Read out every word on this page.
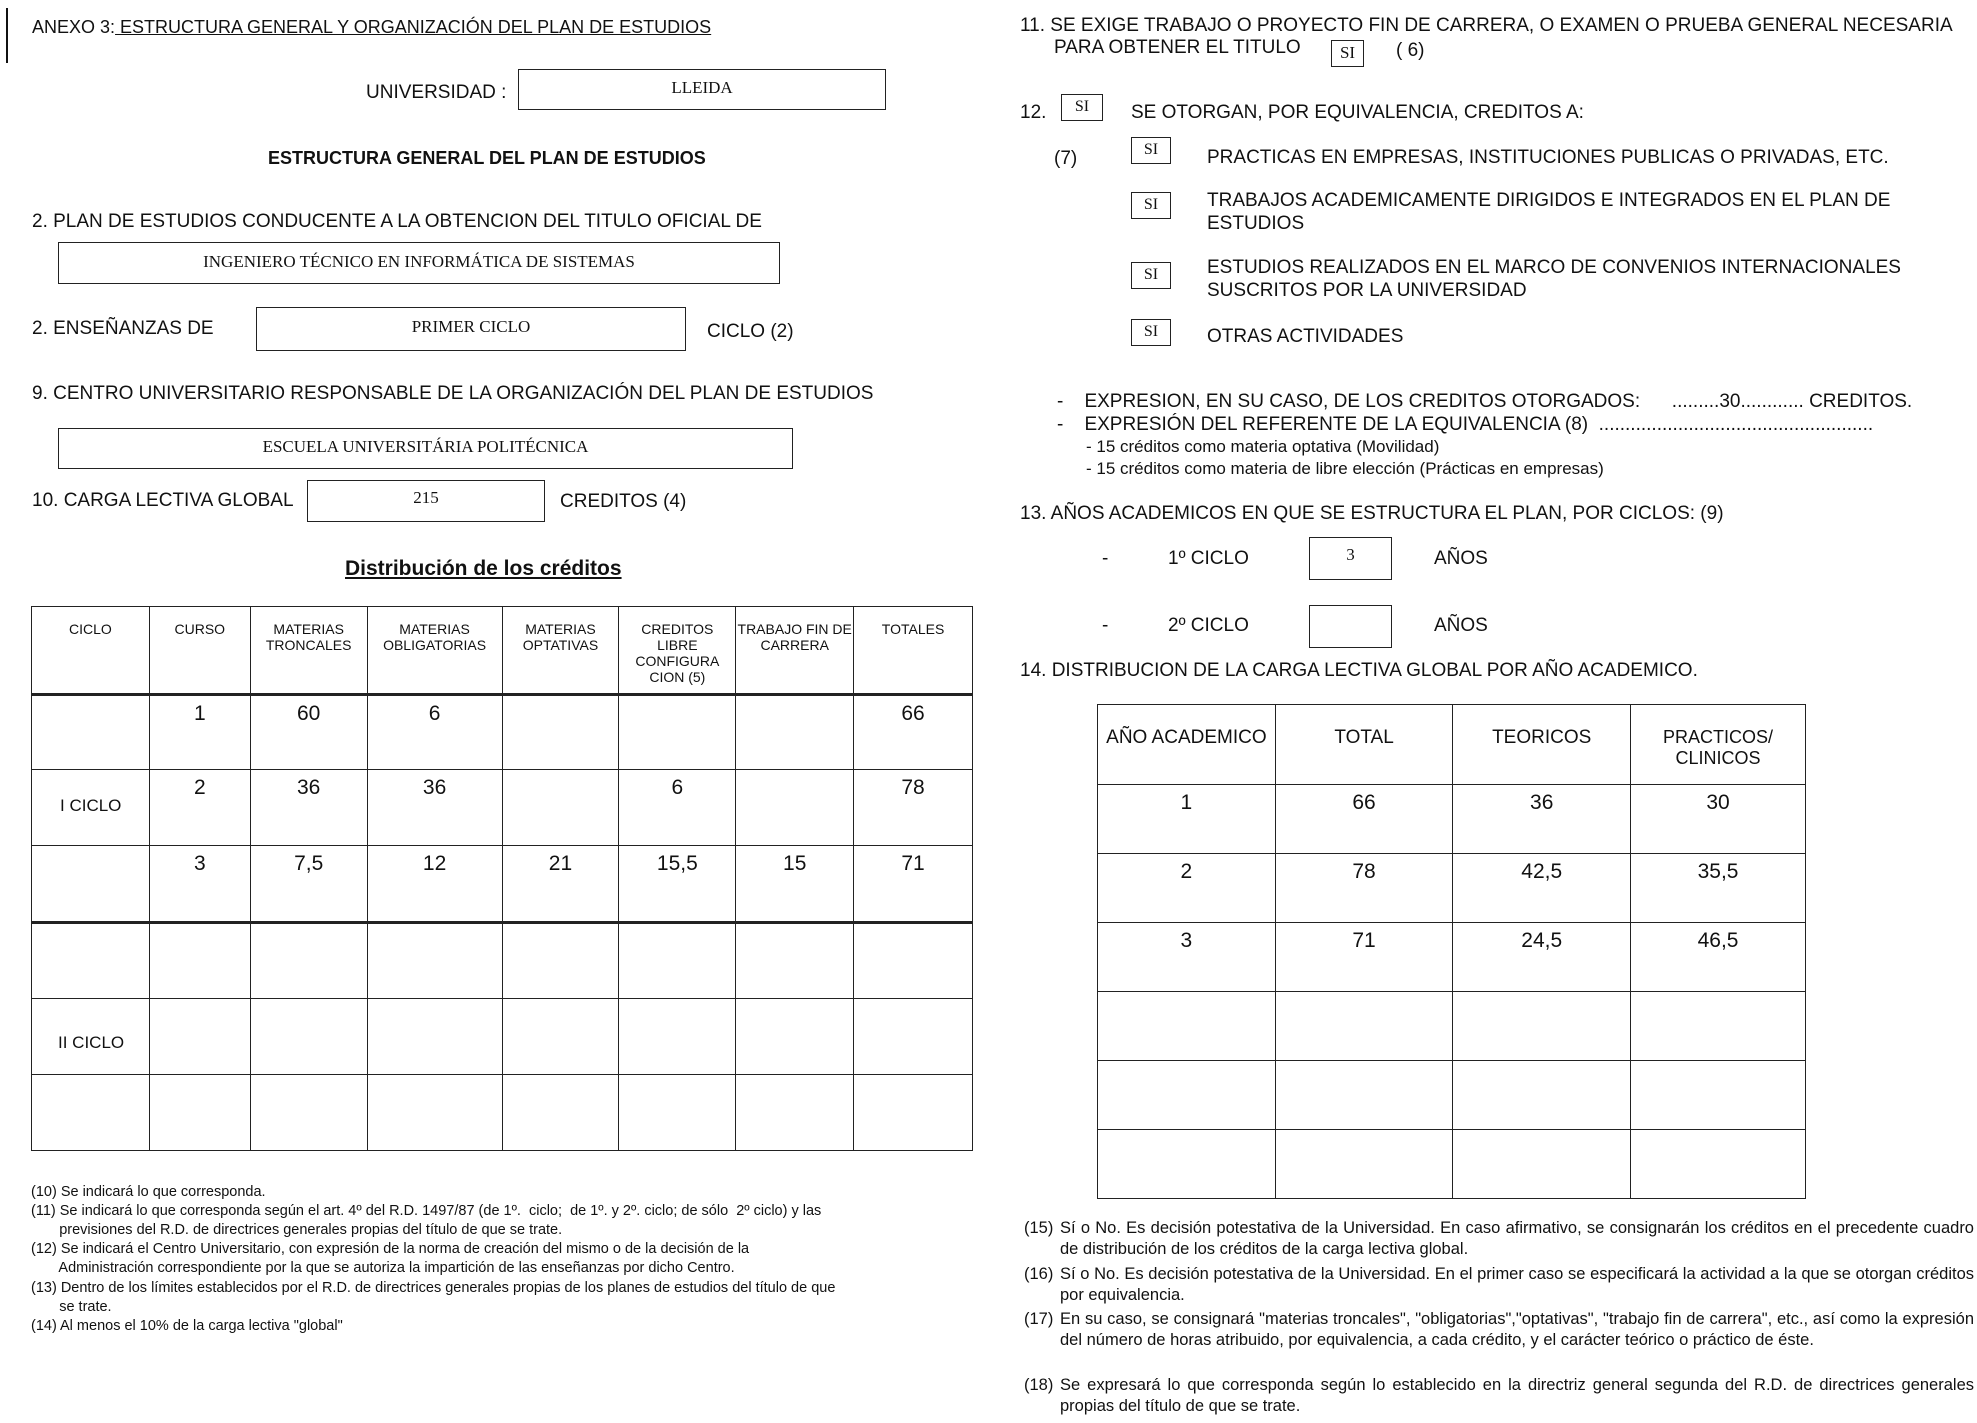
ANEXO 3: ESTRUCTURA GENERAL Y ORGANIZACIÓN DEL PLAN DE ESTUDIOS
UNIVERSIDAD :	LLEIDA
ESTRUCTURA GENERAL DEL PLAN DE ESTUDIOS
2. PLAN DE ESTUDIOS CONDUCENTE A LA OBTENCION DEL TITULO OFICIAL DE
INGENIERO TÉCNICO EN INFORMÁTICA DE SISTEMAS
2. ENSEÑANZAS DE	PRIMER CICLO	CICLO (2)
9. CENTRO UNIVERSITARIO RESPONSABLE DE LA ORGANIZACIÓN DEL PLAN DE ESTUDIOS
ESCUELA UNIVERSITÁRIA POLITÉCNICA
10. CARGA LECTIVA GLOBAL	215	CREDITOS (4)
Distribución de los créditos
CICLO	CURSO	MATERIAS TRONCALES	MATERIAS OBLIGATORIAS	MATERIAS OPTATIVAS	CREDITOS LIBRE CONFIGURA CION (5)	TRABAJO FIN DE CARRERA	TOTALES
	1	60	6				66
I CICLO	2	36	36		6		78
	3	7,5	12	21	15,5	15	71

II CICLO							

(10) Se indicará lo que corresponda.
(11) Se indicará lo que corresponda según el art. 4º del R.D. 1497/87 (de 1º.  ciclo;  de 1º. y 2º. ciclo; de sólo  2º ciclo) y las
previsiones del R.D. de directrices generales propias del título de que se trate.
(12) Se indicará el Centro Universitario, con expresión de la norma de creación del mismo o de la decisión de la
Administración correspondiente por la que se autoriza la impartición de las enseñanzas por dicho Centro.
(13) Dentro de los límites establecidos por el R.D. de directrices generales propias de los planes de estudios del título de que
se trate.
(14) Al menos el 10% de la carga lectiva "global"
11. SE EXIGE TRABAJO O PROYECTO FIN DE CARRERA, O EXAMEN O PRUEBA GENERAL NECESARIA
PARA OBTENER EL TITULO	SI	( 6)
12.	SI	SE OTORGAN, POR EQUIVALENCIA, CREDITOS A:
(7)	SI	PRACTICAS EN EMPRESAS, INSTITUCIONES PUBLICAS O PRIVADAS, ETC.
SI	TRABAJOS ACADEMICAMENTE DIRIGIDOS E INTEGRADOS EN EL PLAN DE
ESTUDIOS
SI	ESTUDIOS REALIZADOS EN EL MARCO DE CONVENIOS INTERNACIONALES
SUSCRITOS POR LA UNIVERSIDAD
SI	OTRAS ACTIVIDADES
-    EXPRESION, EN SU CASO, DE LOS CREDITOS OTORGADOS:      .........30............ CREDITOS.
-    EXPRESIÓN DEL REFERENTE DE LA EQUIVALENCIA (8)  ....................................................
- 15 créditos como materia optativa (Movilidad)
- 15 créditos como materia de libre elección (Prácticas en empresas)
13. AÑOS ACADEMICOS EN QUE SE ESTRUCTURA EL PLAN, POR CICLOS: (9)
-	1º CICLO	3	AÑOS
-	2º CICLO	AÑOS
14. DISTRIBUCION DE LA CARGA LECTIVA GLOBAL POR AÑO ACADEMICO.
AÑO ACADEMICO	TOTAL	TEORICOS	PRACTICOS/ CLINICOS
1	66	36	30
2	78	42,5	35,5
3	71	24,5	46,5

(15) Sí o No. Es decisión potestativa de la Universidad. En caso afirmativo, se consignarán los créditos en el precedente cuadro de distribución de los créditos de la carga lectiva global.
(16) Sí o No. Es decisión potestativa de la Universidad. En el primer caso se especificará la actividad a la que se otorgan créditos por equivalencia.
(17) En su caso, se consignará "materias troncales", "obligatorias","optativas", "trabajo fin de carrera", etc., así como la expresión del número de horas atribuido, por equivalencia, a cada crédito, y el carácter teórico o práctico de éste.
(18) Se expresará lo que corresponda según lo establecido en la directriz general segunda del R.D. de directrices generales propias del título de que se trate.
